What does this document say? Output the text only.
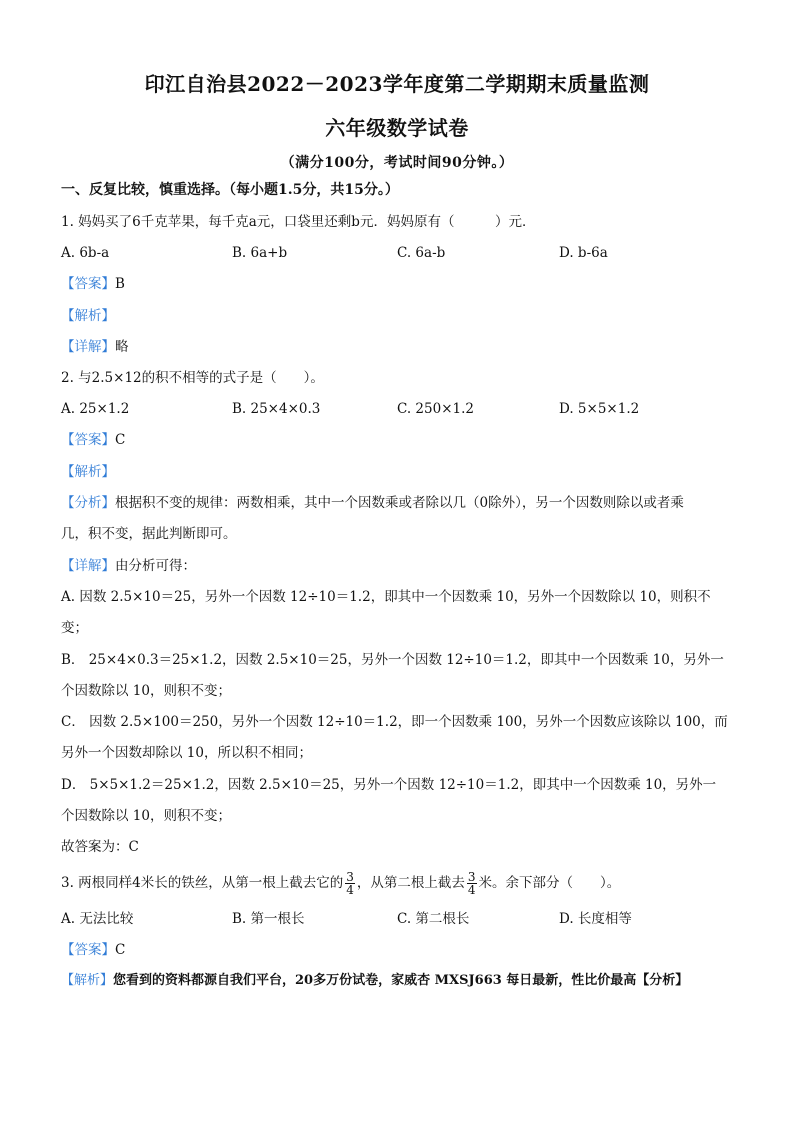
印江自治县2022－2023学年度第二学期期末质量监测
六年级数学试卷
（满分100分，考试时间90分钟。）
一、反复比较，慎重选择。（每小题1.5分，共15分。）
1. 妈妈买了6千克苹果，每千克a元，口袋里还剩b元．妈妈原有（　　　）元．
A. 6b-a	B. 6a+b	C. 6a-b	D. b-6a
【答案】B
【解析】
【详解】略
2. 与2.5×12的积不相等的式子是（　　）。
A. 25×1.2	B. 25×4×0.3	C. 250×1.2	D. 5×5×1.2
【答案】C
【解析】
【分析】根据积不变的规律：两数相乘，其中一个因数乘或者除以几（0除外），另一个因数则除以或者乘
几，积不变，据此判断即可。
【详解】由分析可得：
A. 因数 2.5×10＝25，另外一个因数 12÷10＝1.2，即其中一个因数乘 10，另外一个因数除以 10，则积不
变；
B． 25×4×0.3＝25×1.2，因数 2.5×10＝25，另外一个因数 12÷10＝1.2，即其中一个因数乘 10，另外一
个因数除以 10，则积不变；
C． 因数 2.5×100＝250，另外一个因数 12÷10＝1.2，即一个因数乘 100，另外一个因数应该除以 100，而
另外一个因数却除以 10，所以积不相同；
D． 5×5×1.2＝25×1.2，因数 2.5×10＝25，另外一个因数 12÷10＝1.2，即其中一个因数乘 10，另外一
个因数除以 10，则积不变；
故答案为：C
3. 两根同样4米长的铁丝，从第一根上截去它的 $\frac{3}{4}$ ，从第二根上截去 $\frac{3}{4}$ 米。余下部分（　　）。
A. 无法比较	B. 第一根长	C. 第二根长	D. 长度相等
【答案】C
【解析】您看到的资料都源自我们平台，20多万份试卷，家威杏 MXSJ663 每日最新，性比价最高【分析】
